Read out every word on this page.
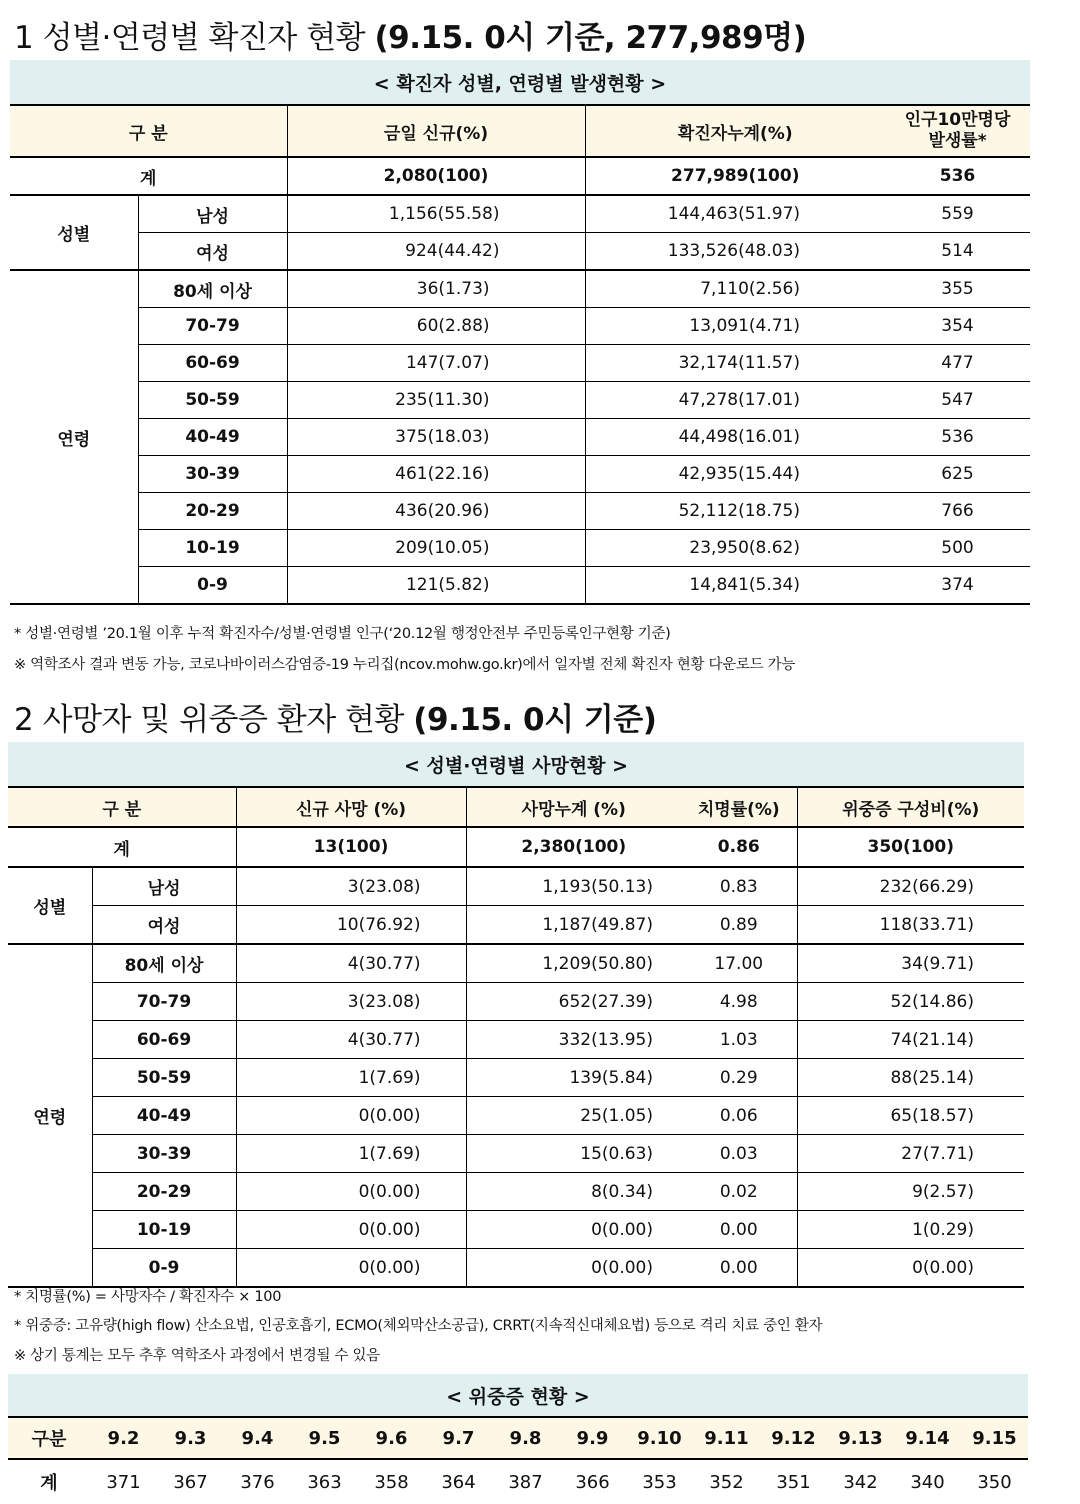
1 성별·연령별 확진자 현황 (9.15. 0시 기준, 277,989명)
< 확진자 성별, 연령별 발생현황 >
구 분		금일 신규(%)	확진자누계(%)	인구10만명당
발생률*

계		2,080(100)	277,989(100)	536
성별	남성	1,156(55.58)	144,463(51.97)	559
	여성	924(44.42)	133,526(48.03)	514
연령	80세 이상	36(1.73)	7,110(2.56)	355
	70-79	60(2.88)	13,091(4.71)	354
	60-69	147(7.07)	32,174(11.57)	477
	50-59	235(11.30)	47,278(17.01)	547
	40-49	375(18.03)	44,498(16.01)	536
	30-39	461(22.16)	42,935(15.44)	625
	20-29	436(20.96)	52,112(18.75)	766
	10-19	209(10.05)	23,950(8.62)	500
	0-9	121(5.82)	14,841(5.34)	374
* 성별·연령별 ’20.1월 이후 누적 확진자수/성별·연령별 인구(‘20.12월 행정안전부 주민등록인구현황 기준)
※ 역학조사 결과 변동 가능, 코로나바이러스감염증-19 누리집(ncov.mohw.go.kr)에서 일자별 전체 확진자 현황 다운로드 가능
2 사망자 및 위중증 환자 현황 (9.15. 0시 기준)
< 성별·연령별 사망현황 >
구 분		신규 사망 (%)	사망누계 (%)	치명률(%)	위중증 구성비(%)
계		13(100)	2,380(100)	0.86	350(100)
성별	남성	3(23.08)	1,193(50.13)	0.83	232(66.29)
	여성	10(76.92)	1,187(49.87)	0.89	118(33.71)
연령	80세 이상	4(30.77)	1,209(50.80)	17.00	34(9.71)
	70-79	3(23.08)	652(27.39)	4.98	52(14.86)
	60-69	4(30.77)	332(13.95)	1.03	74(21.14)
	50-59	1(7.69)	139(5.84)	0.29	88(25.14)
	40-49	0(0.00)	25(1.05)	0.06	65(18.57)
	30-39	1(7.69)	15(0.63)	0.03	27(7.71)
	20-29	0(0.00)	8(0.34)	0.02	9(2.57)
	10-19	0(0.00)	0(0.00)	0.00	1(0.29)
	0-9	0(0.00)	0(0.00)	0.00	0(0.00)
* 치명률(%) = 사망자수 / 확진자수 × 100
* 위중증: 고유량(high flow) 산소요법, 인공호흡기, ECMO(체외막산소공급), CRRT(지속적신대체요법) 등으로 격리 치료 중인 환자
※ 상기 통계는 모두 추후 역학조사 과정에서 변경될 수 있음
< 위중증 현황 >
구분	9.2	9.3	9.4	9.5	9.6	9.7	9.8	9.9	9.10	9.11	9.12	9.13	9.14	9.15
계	371	367	376	363	358	364	387	366	353	352	351	342	340	350
